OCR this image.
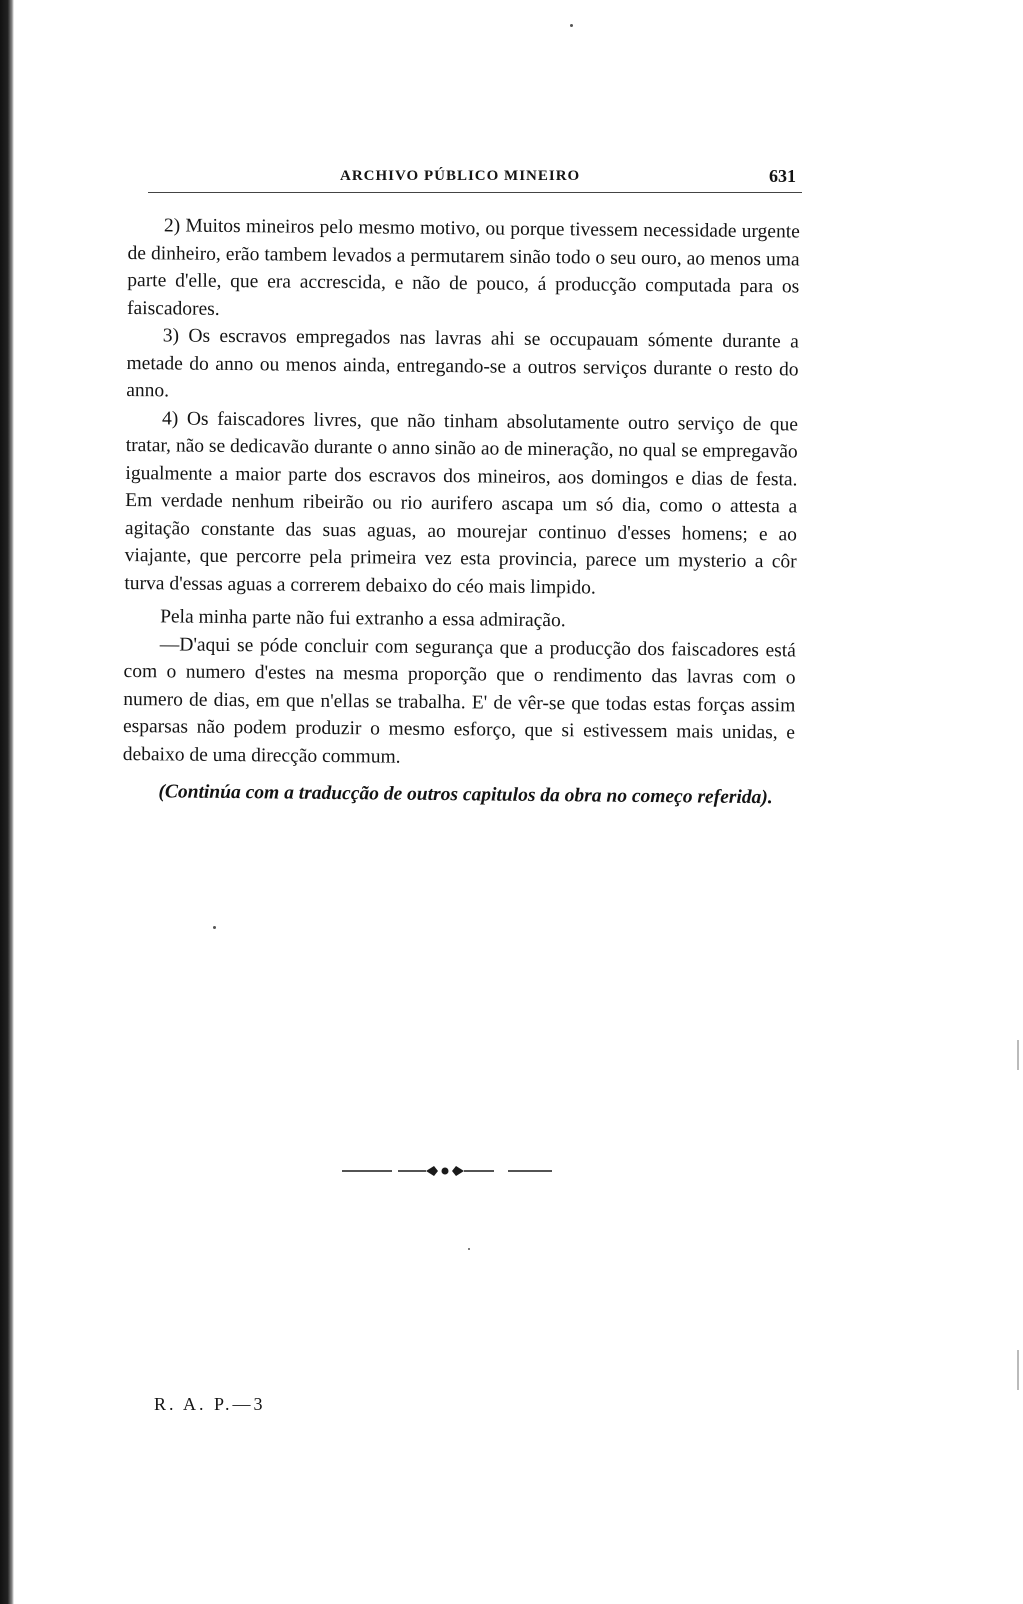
ARCHIVO PÚBLICO MINEIRO	631

2) Muitos mineiros pelo mesmo motivo, ou porque tivessem necessidade urgente de dinheiro, erão tambem levados a permutarem sinão todo o seu ouro, ao menos uma parte d'elle, que era accrescida, e não de pouco, á producção computada para os faiscadores.

3) Os escravos empregados nas lavras ahi se occupauam sómente durante a metade do anno ou menos ainda, entregando-se a outros serviços durante o resto do anno.

4) Os faiscadores livres, que não tinham absolutamente outro serviço de que tratar, não se dedicavão durante o anno sinão ao de mineração, no qual se empregavão igualmente a maior parte dos escravos dos mineiros, aos domingos e dias de festa. Em verdade nenhum ribeirão ou rio aurifero ascapa um só dia, como o attesta a agitação constante das suas aguas, ao mourejar continuo d'esses homens; e ao viajante, que percorre pela primeira vez esta provincia, parece um mysterio a côr turva d'essas aguas a correrem debaixo do céo mais limpido.

Pela minha parte não fui extranho a essa admiração.

—D'aqui se póde concluir com segurança que a producção dos faiscadores está com o numero d'estes na mesma proporção que o rendimento das lavras com o numero de dias, em que n'ellas se trabalha. E' de vêr-se que todas estas forças assim esparsas não podem produzir o mesmo esforço, que si estivessem mais unidas, e debaixo de uma direcção commum.

(Continúa com a traducção de outros capitulos da obra no começo referida).

R. A. P.—3
